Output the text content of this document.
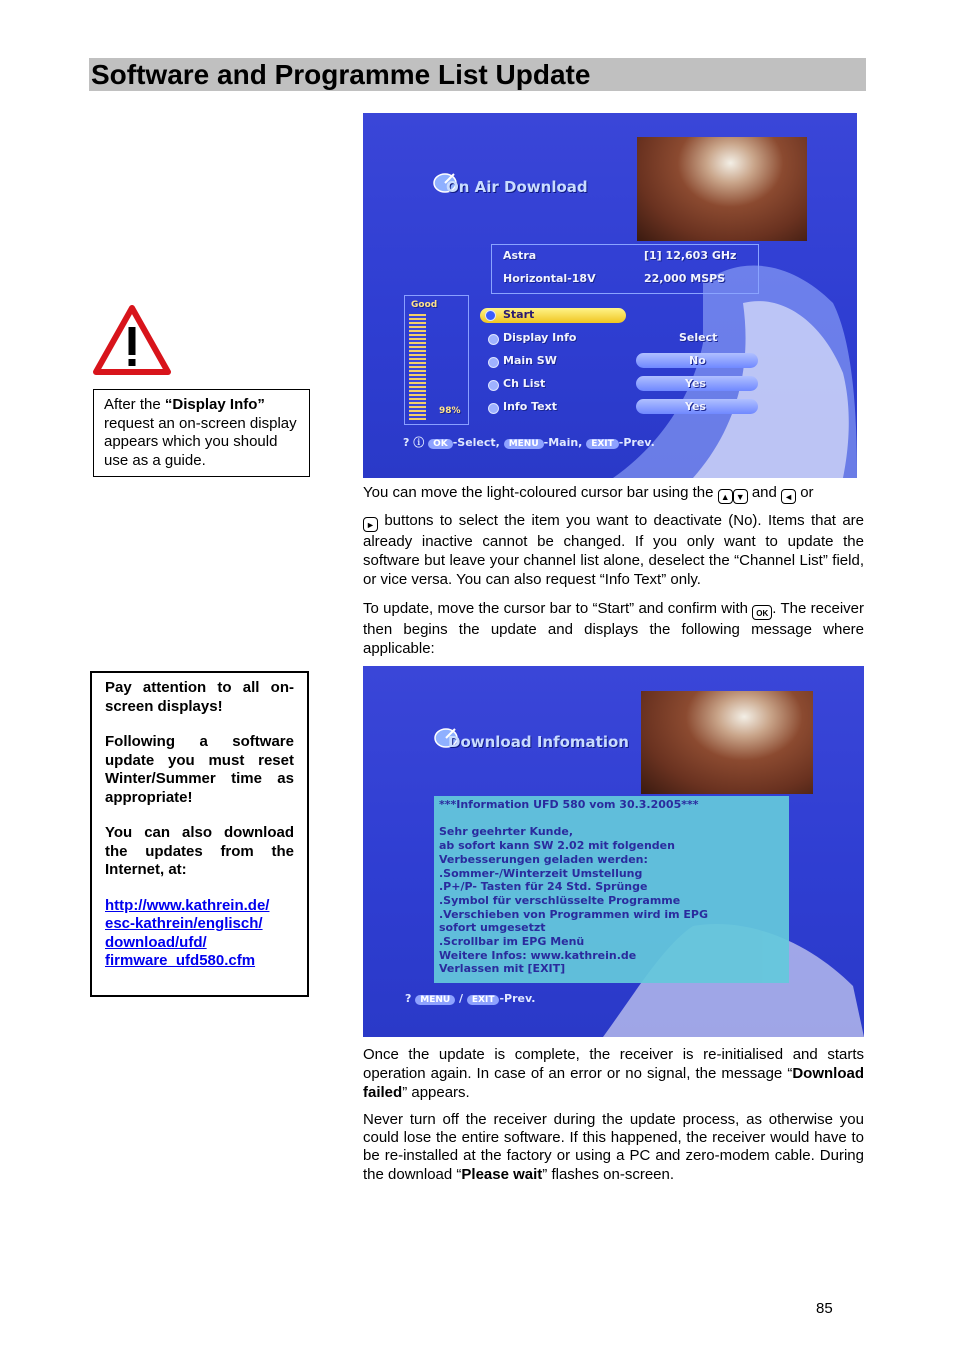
Software and Programme List Update
After the “Display Info” request an on-screen display appears which you should use as a guide.
On Air Download
Astra	[1] 12,603 GHz
Horizontal-18V	22,000 MSPS
Good
98%
Start
Display Info	Select
Main SW	No
Ch List	Yes
Info Text	Yes
? ⓘ OK -Select, MENU -Main, EXIT -Prev.

You can move the light-coloured cursor bar using the ▲ ▼ and ◄ or

► buttons to select the item you want to deactivate (No). Items that are already inactive cannot be changed. If you only want to update the software but leave your channel list alone, deselect the “Channel List” field, or vice versa. You can also request “Info Text” only.

To update, move the cursor bar to “Start” and confirm with OK . The receiver then begins the update and displays the following message where applicable:

Pay attention to all on-screen displays!

Following a software update you must reset Winter/Summer time as appropriate!

You can also download the updates from the Internet, at:

http://www.kathrein.de/
esc-kathrein/englisch/
download/ufd/
firmware_ufd580.cfm
Download Infomation
***Information UFD 580 vom 30.3.2005***
Sehr geehrter Kunde,
ab sofort kann SW 2.02 mit folgenden
Verbesserungen geladen werden:
.Sommer-/Winterzeit Umstellung
.P+/P- Tasten für 24 Std. Sprünge
.Symbol für verschlüsselte Programme
.Verschieben von Programmen wird im EPG
sofort umgesetzt
.Scrollbar im EPG Menü
Weitere Infos: www.kathrein.de
Verlassen mit [EXIT]
? MENU / EXIT -Prev.

Once the update is complete, the receiver is re-initialised and starts operation again. In case of an error or no signal, the message “Download failed” appears.

Never turn off the receiver during the update process, as otherwise you could lose the entire software. If this happened, the receiver would have to be re-installed at the factory or using a PC and zero-modem cable. During the download “Please wait” flashes on-screen.

85
